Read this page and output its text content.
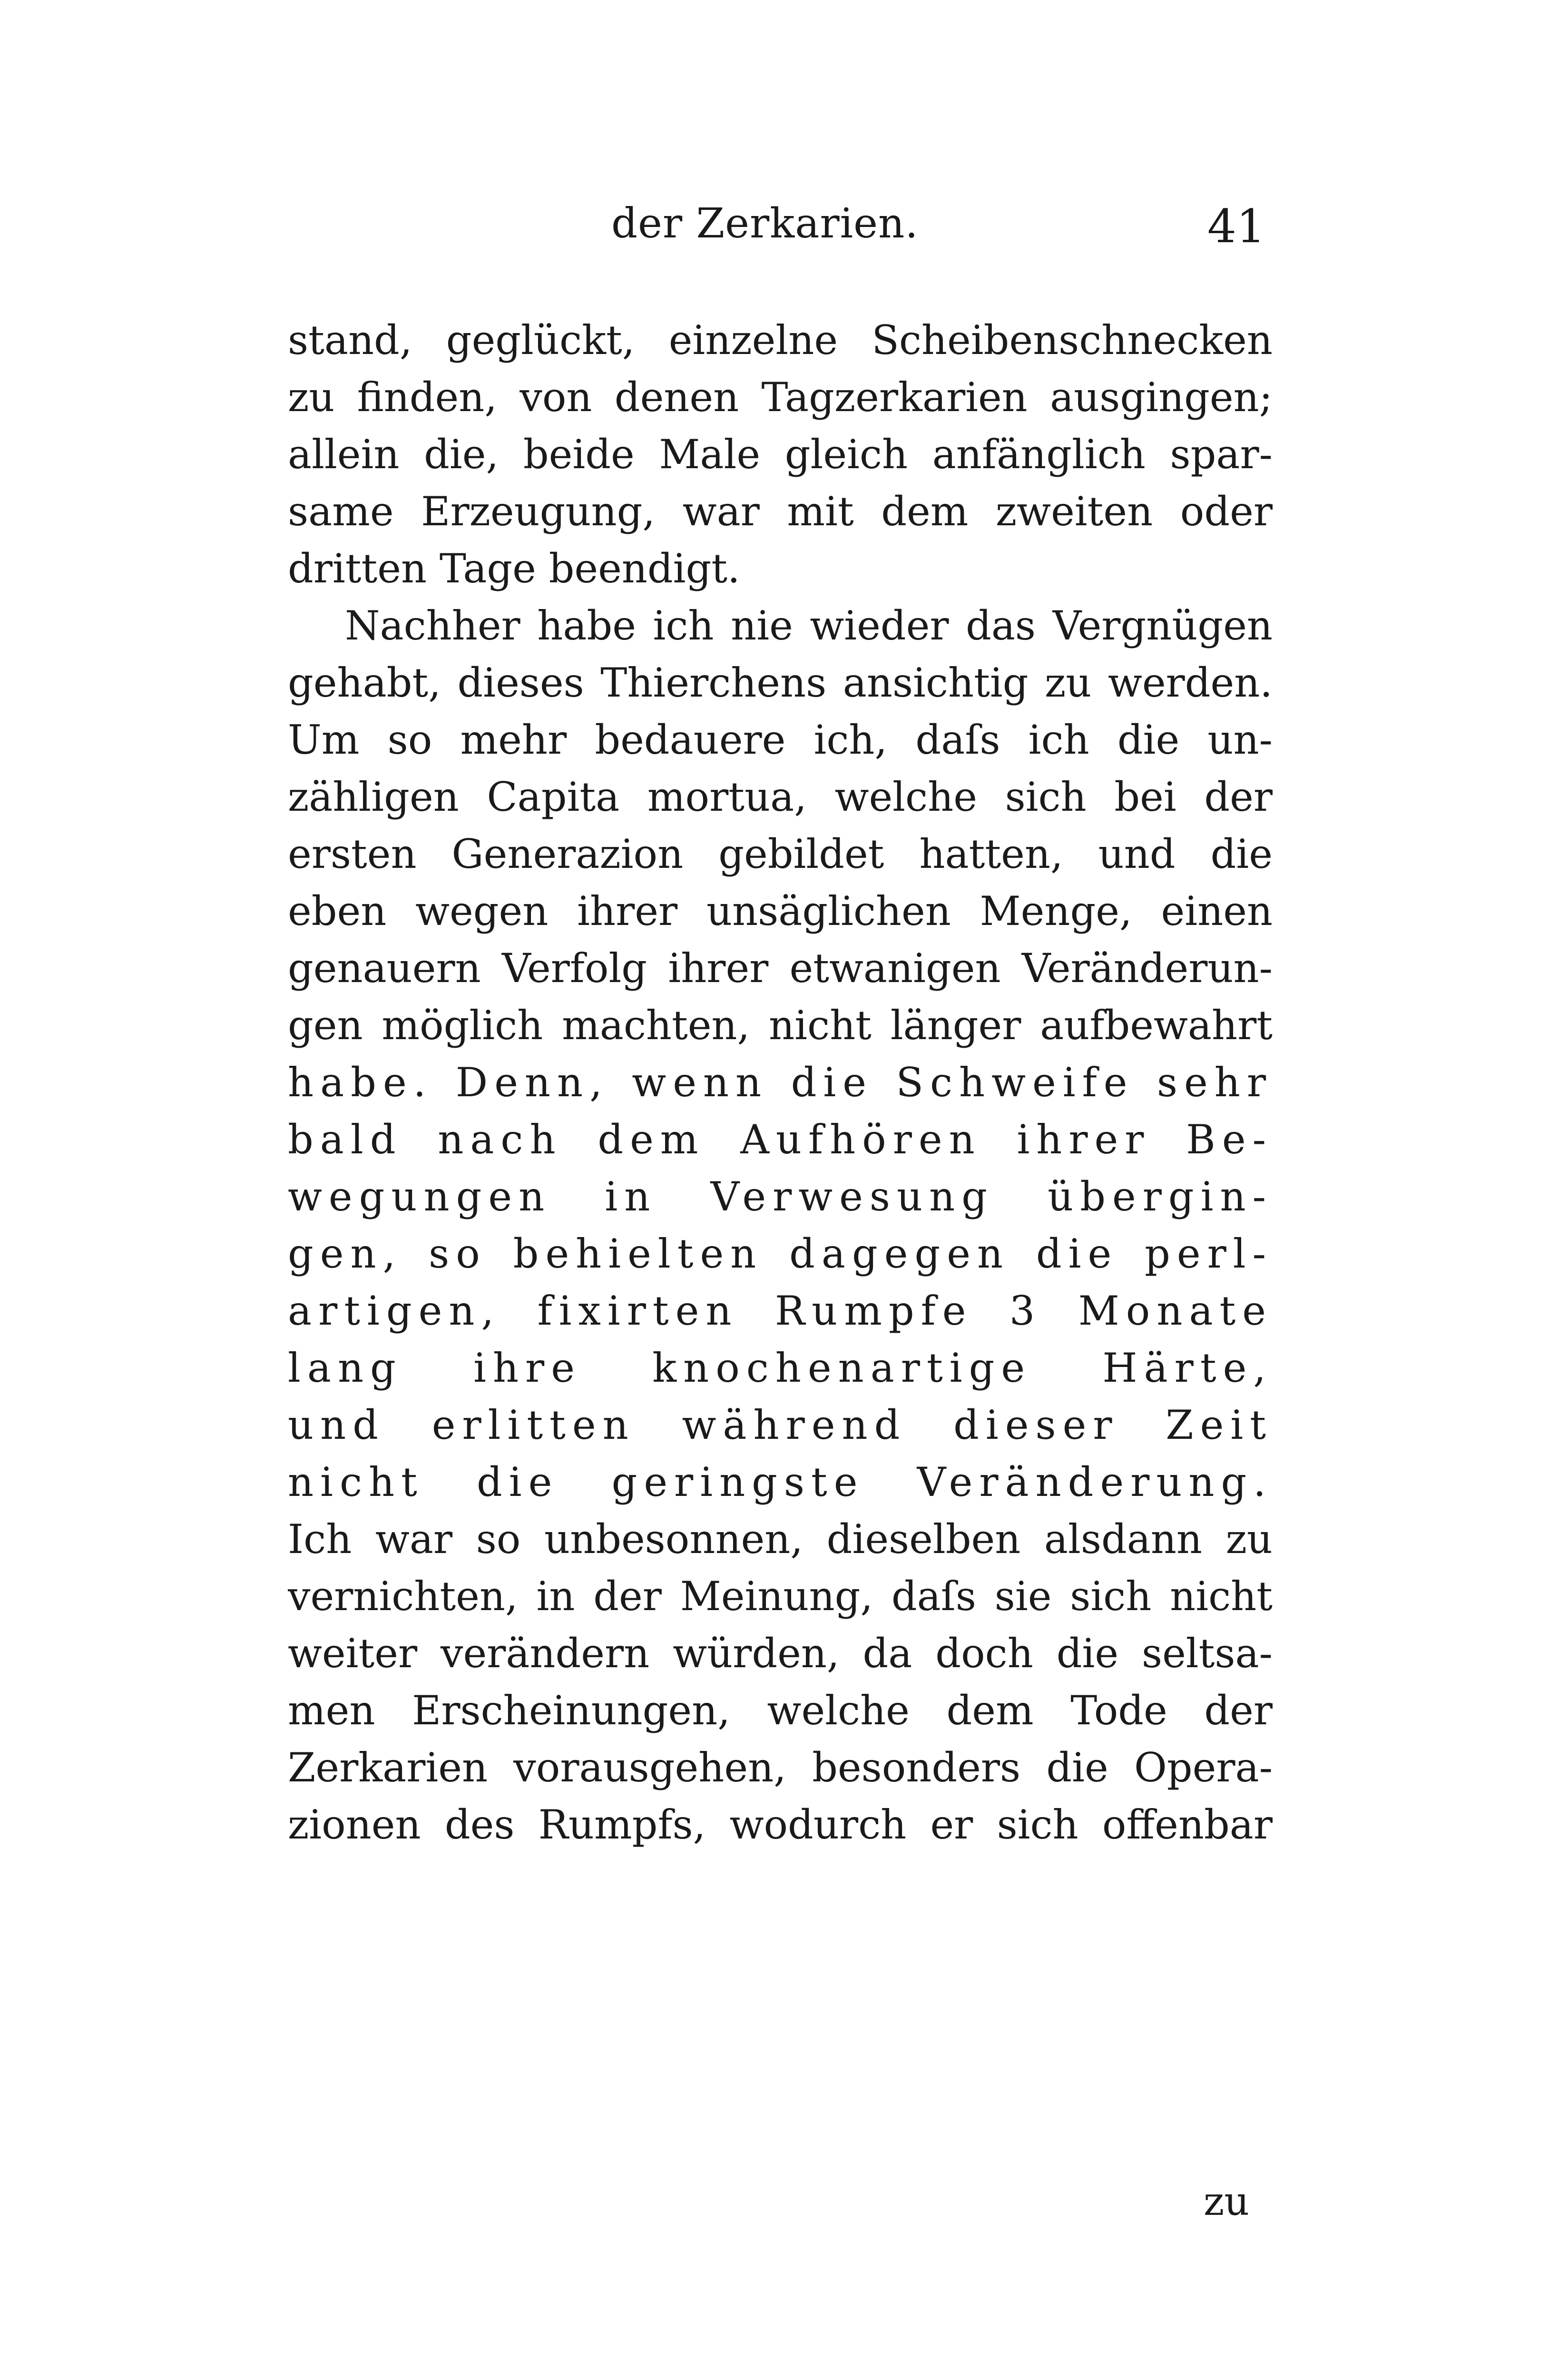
der Zerkarien.	41
stand, geglückt, einzelne Scheibenschnecken
zu finden, von denen Tagzerkarien ausgingen;
allein die, beide Male gleich anfänglich spar-
same Erzeugung, war mit dem zweiten oder
dritten Tage beendigt.
Nachher habe ich nie wieder das Vergnügen
gehabt, dieses Thierchens ansichtig zu werden.
Um so mehr bedauere ich, daſs ich die un-
zähligen Capita mortua, welche sich bei der
ersten Generazion gebildet hatten, und die
eben wegen ihrer unsäglichen Menge, einen
genauern Verfolg ihrer etwanigen Veränderun-
gen möglich machten, nicht länger aufbewahrt
habe. Denn, wenn die Schweife sehr
bald nach dem Aufhören ihrer Be-
wegungen in Verwesung übergin-
gen, so behielten dagegen die perl-
artigen, fixirten Rumpfe 3 Monate
lang ihre knochenartige Härte,
und erlitten während dieser Zeit
nicht die geringste Veränderung.
Ich war so unbesonnen, dieselben alsdann zu
vernichten, in der Meinung, daſs sie sich nicht
weiter verändern würden, da doch die seltsa-
men Erscheinungen, welche dem Tode der
Zerkarien vorausgehen, besonders die Opera-
zionen des Rumpfs, wodurch er sich offenbar
zu
